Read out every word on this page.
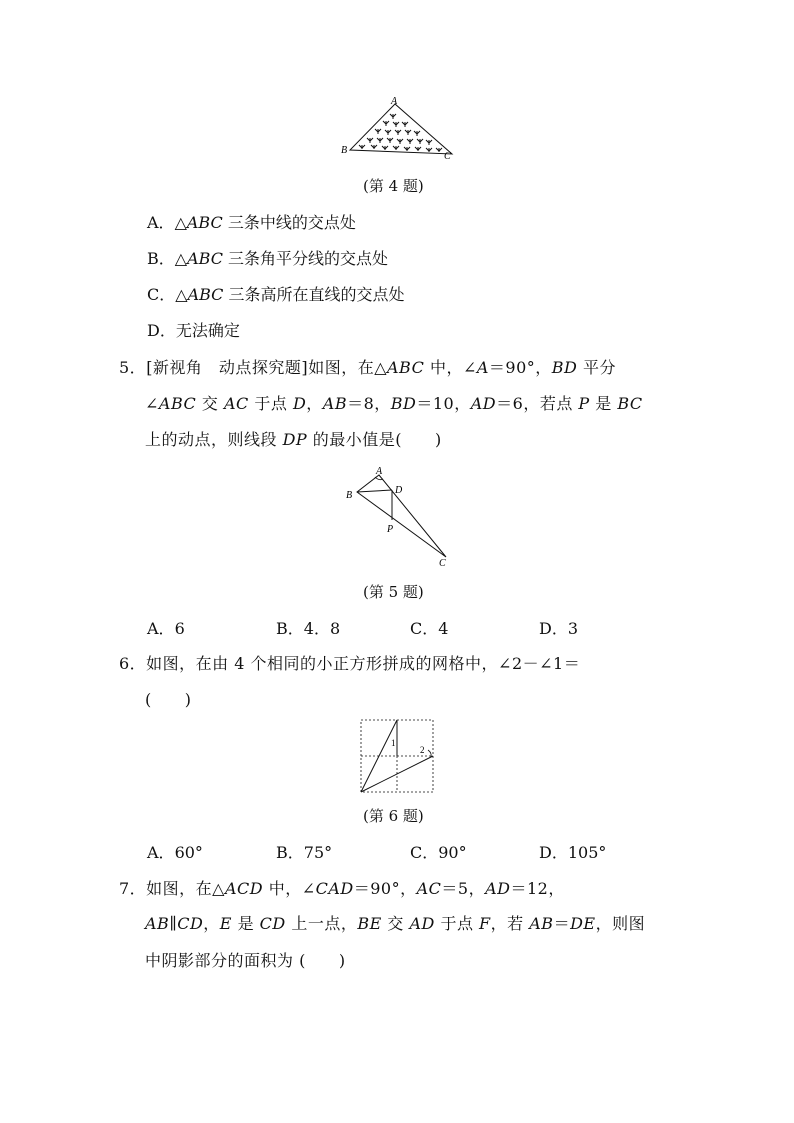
A
B
C
(第 4 题)
A．△ABC 三条中线的交点处
B．△ABC 三条角平分线的交点处
C．△ABC 三条高所在直线的交点处
D．无法确定
5．[新视角　动点探究题]如图，在△ABC 中，∠A＝90°，BD 平分
∠ABC 交 AC 于点 D，AB＝8，BD＝10，AD＝6，若点 P 是 BC
上的动点，则线段 DP 的最小值是(　　)
A
B	D
P
C
(第 5 题)
A．6	B．4．8	C．4	D．3
6．如图，在由 4 个相同的小正方形拼成的网格中，∠2－∠1＝
(　　)
1
2
(第 6 题)
A．60°	B．75°	C．90°	D．105°
7．如图，在△ACD 中，∠CAD＝90°，AC＝5，AD＝12，
AB∥CD，E 是 CD 上一点，BE 交 AD 于点 F，若 AB＝DE，则图
中阴影部分的面积为 (　　)
